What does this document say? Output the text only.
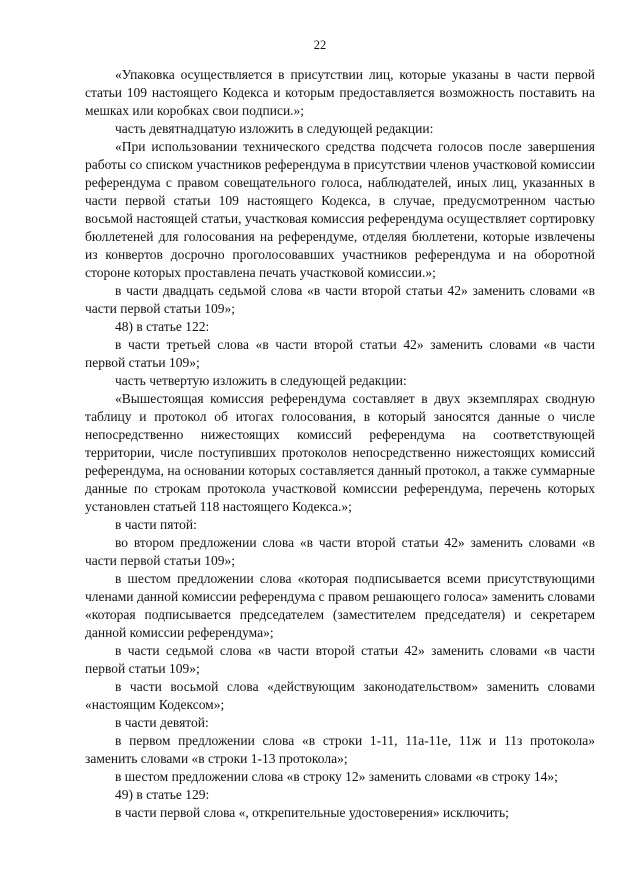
22

«Упаковка осуществляется в присутствии лиц, которые указаны в части первой статьи 109 настоящего Кодекса и которым предоставляется возможность поставить на мешках или коробках свои подписи.»;

часть девятнадцатую изложить в следующей редакции:

«При использовании технического средства подсчета голосов после завершения работы со списком участников референдума в присутствии членов участковой комиссии референдума с правом совещательного голоса, наблюдателей, иных лиц, указанных в части первой статьи 109 настоящего Кодекса, в случае, предусмотренном частью восьмой настоящей статьи, участковая комиссия референдума осуществляет сортировку бюллетеней для голосования на референдуме, отделяя бюллетени, которые извлечены из конвертов досрочно проголосовавших участников референдума и на оборотной стороне которых проставлена печать участковой комиссии.»;

в части двадцать седьмой слова «в части второй статьи 42» заменить словами «в части первой статьи 109»;

48) в статье 122:

в части третьей слова «в части второй статьи 42» заменить словами «в части первой статьи 109»;

часть четвертую изложить в следующей редакции:

«Вышестоящая комиссия референдума составляет в двух экземплярах сводную таблицу и протокол об итогах голосования, в который заносятся данные о числе непосредственно нижестоящих комиссий референдума на соответствующей территории, числе поступивших протоколов непосредственно нижестоящих комиссий референдума, на основании которых составляется данный протокол, а также суммарные данные по строкам протокола участковой комиссии референдума, перечень которых установлен статьей 118 настоящего Кодекса.»;

в части пятой:

во втором предложении слова «в части второй статьи 42» заменить словами «в части первой статьи 109»;

в шестом предложении слова «которая подписывается всеми присутствующими членами данной комиссии референдума с правом решающего голоса» заменить словами «которая подписывается председателем (заместителем председателя) и секретарем данной комиссии референдума»;

в части седьмой слова «в части второй статьи 42» заменить словами «в части первой статьи 109»;

в части восьмой слова «действующим законодательством» заменить словами «настоящим Кодексом»;

в части девятой:

в первом предложении слова «в строки 1-11, 11а-11е, 11ж и 11з протокола» заменить словами «в строки 1-13 протокола»;

в шестом предложении слова «в строку 12» заменить словами «в строку 14»;

49) в статье 129:

в части первой слова «, открепительные удостоверения» исключить;
